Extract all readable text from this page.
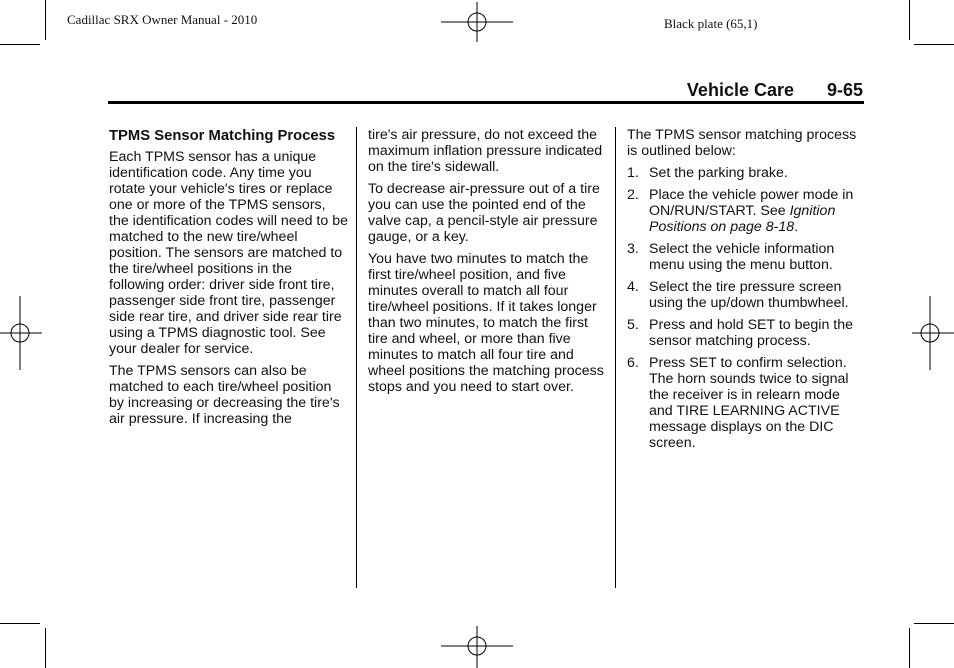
Cadillac SRX Owner Manual - 2010	Black plate (65,1)
Vehicle Care 9-65
TPMS Sensor Matching Process

Each TPMS sensor has a unique identification code. Any time you rotate your vehicle's tires or replace one or more of the TPMS sensors, the identification codes will need to be matched to the new tire/wheel position. The sensors are matched to the tire/wheel positions in the following order: driver side front tire, passenger side front tire, passenger side rear tire, and driver side rear tire using a TPMS diagnostic tool. See your dealer for service.

The TPMS sensors can also be matched to each tire/wheel position by increasing or decreasing the tire's air pressure. If increasing the

tire's air pressure, do not exceed the maximum inflation pressure indicated on the tire's sidewall.

To decrease air-pressure out of a tire you can use the pointed end of the valve cap, a pencil-style air pressure gauge, or a key.

You have two minutes to match the first tire/wheel position, and five minutes overall to match all four tire/wheel positions. If it takes longer than two minutes, to match the first tire and wheel, or more than five minutes to match all four tire and wheel positions the matching process stops and you need to start over.

The TPMS sensor matching process is outlined below:

1. Set the parking brake.
2. Place the vehicle power mode in ON/RUN/START. See Ignition Positions on page 8-18.
3. Select the vehicle information menu using the menu button.
4. Select the tire pressure screen using the up/down thumbwheel.
5. Press and hold SET to begin the sensor matching process.
6. Press SET to confirm selection. The horn sounds twice to signal the receiver is in relearn mode and TIRE LEARNING ACTIVE message displays on the DIC screen.
